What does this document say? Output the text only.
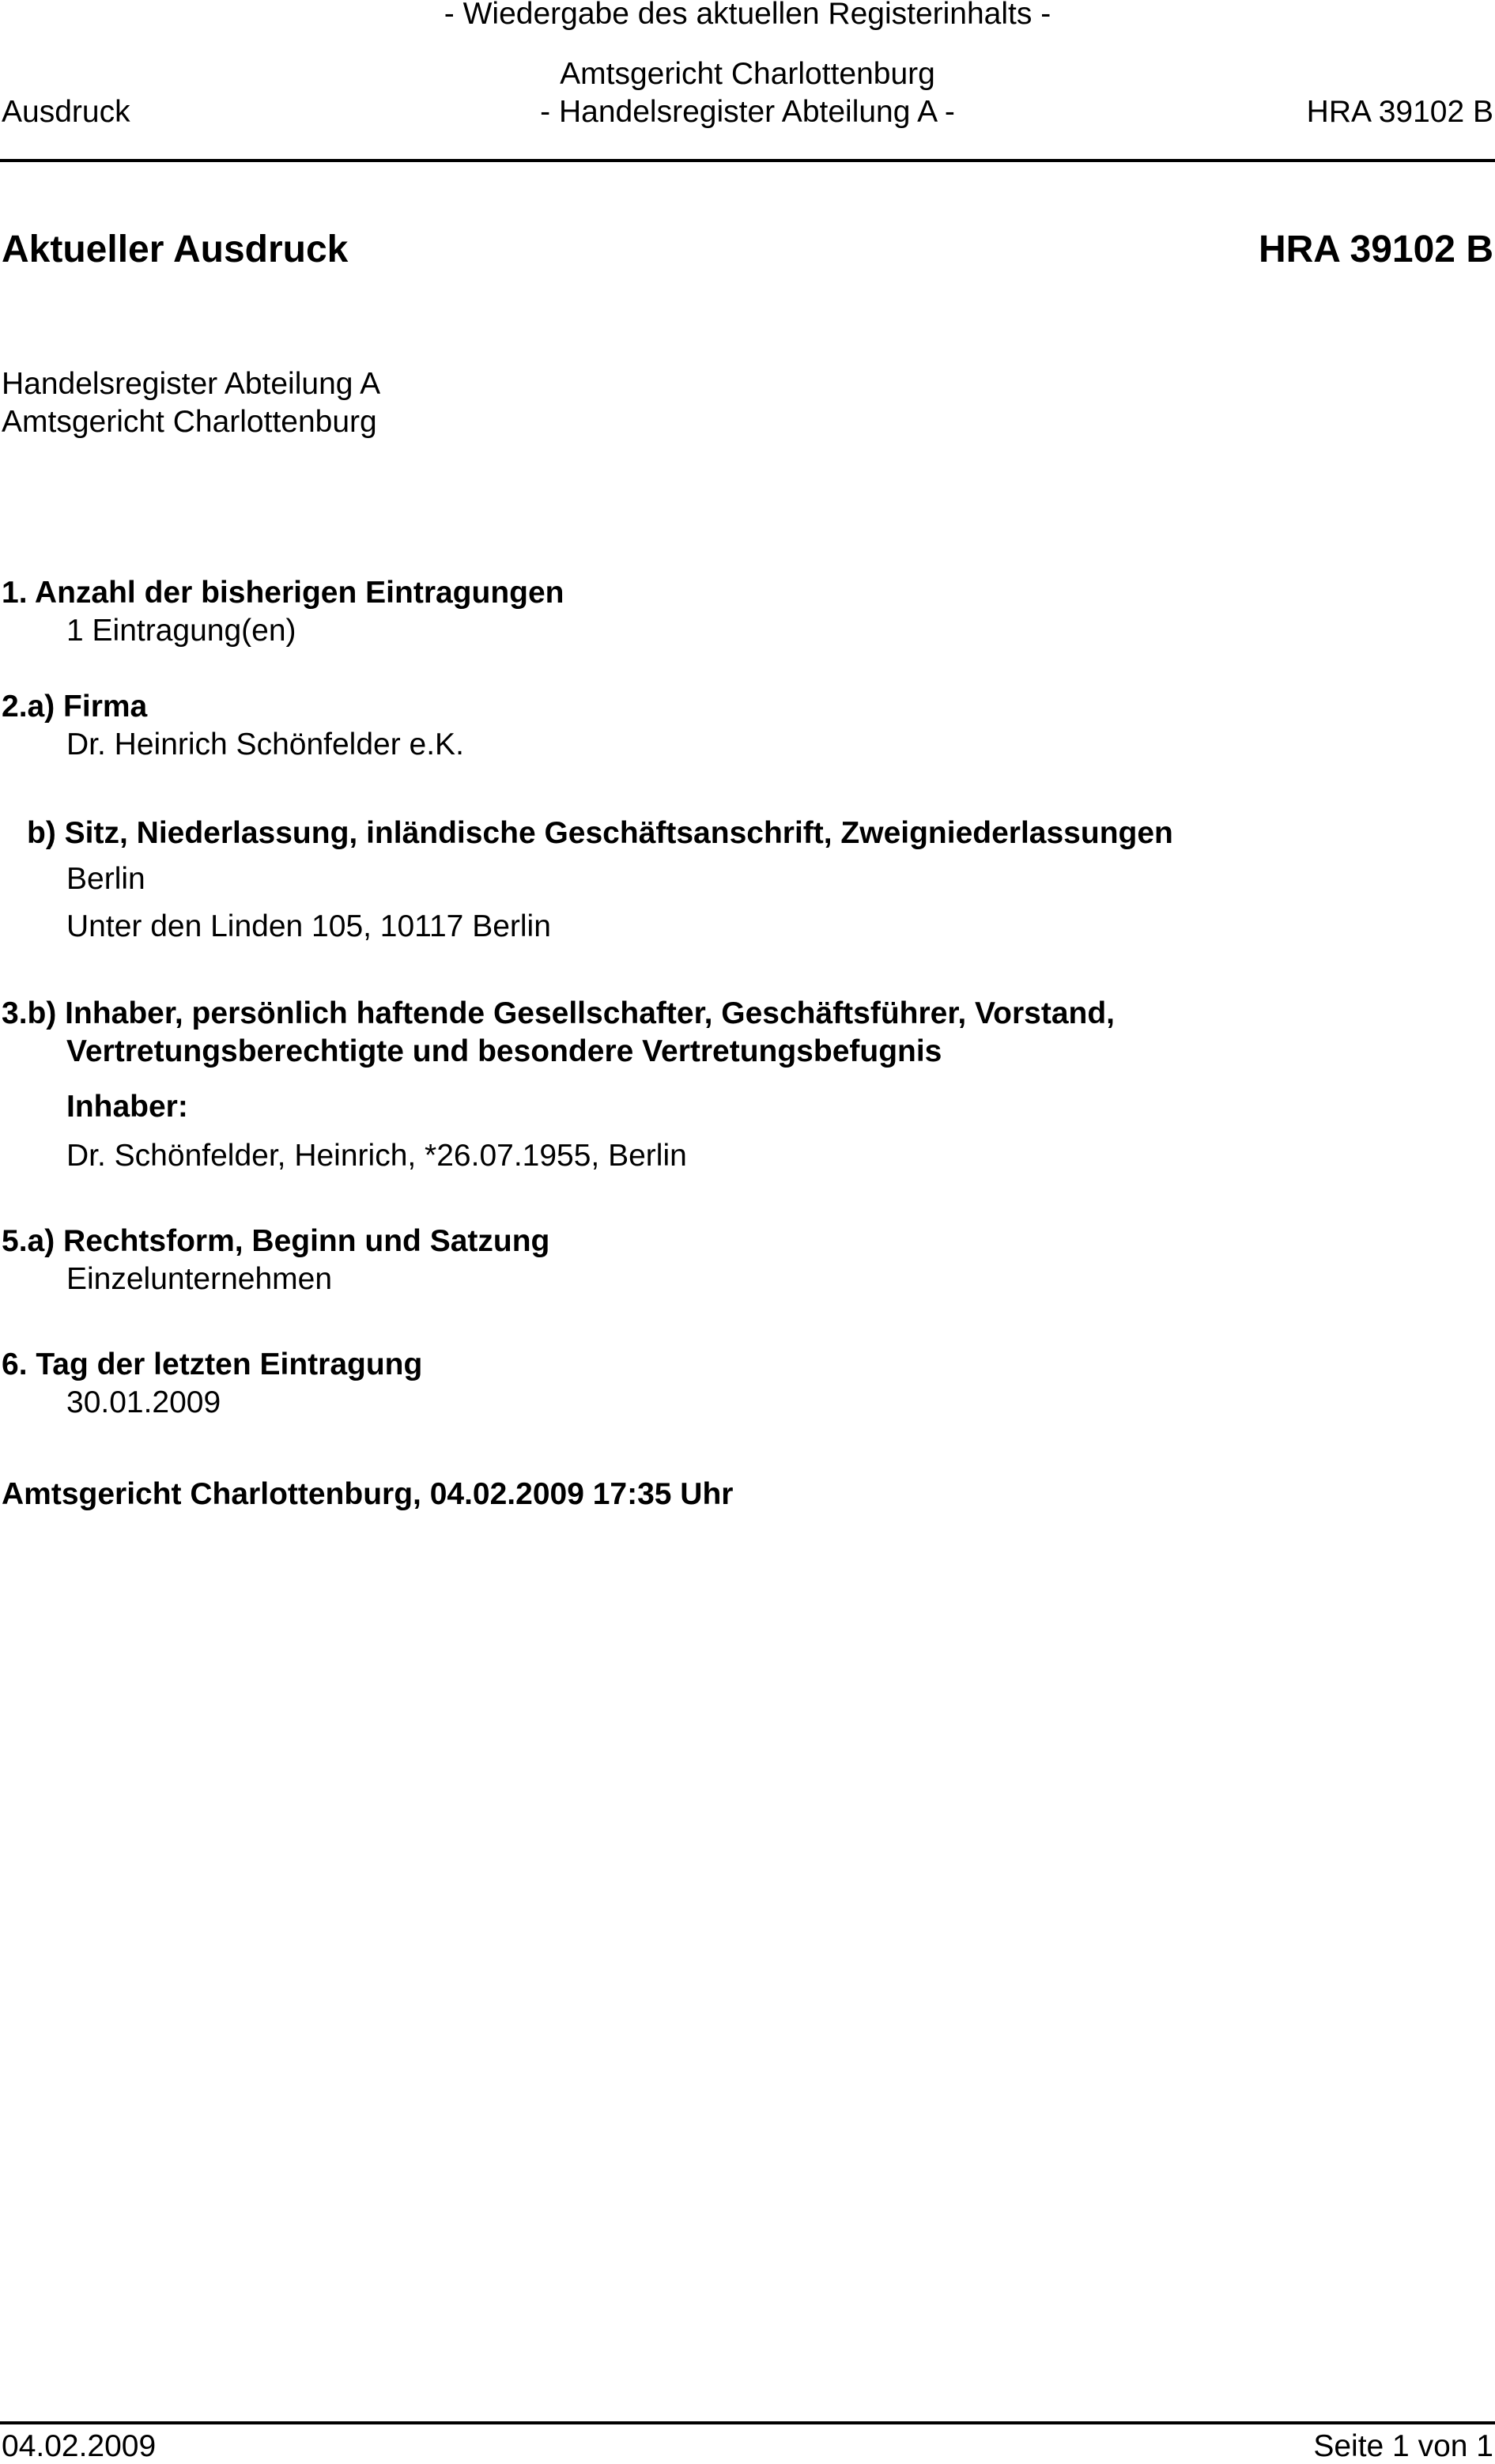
- Wiedergabe des aktuellen Registerinhalts -
Amtsgericht Charlottenburg
Ausdruck	- Handelsregister Abteilung A -	HRA 39102 B
Aktueller Ausdruck	HRA 39102 B
Handelsregister Abteilung A
Amtsgericht Charlottenburg
1. Anzahl der bisherigen Eintragungen
1 Eintragung(en)
2.a) Firma
Dr. Heinrich Schönfelder e.K.
b) Sitz, Niederlassung, inländische Geschäftsanschrift, Zweigniederlassungen
Berlin
Unter den Linden 105, 10117 Berlin
3.b) Inhaber, persönlich haftende Gesellschafter, Geschäftsführer, Vorstand,
Vertretungsberechtigte und besondere Vertretungsbefugnis
Inhaber:
Dr. Schönfelder, Heinrich, *26.07.1955, Berlin
5.a) Rechtsform, Beginn und Satzung
Einzelunternehmen
6. Tag der letzten Eintragung
30.01.2009
Amtsgericht Charlottenburg, 04.02.2009 17:35 Uhr
04.02.2009	Seite 1 von 1
